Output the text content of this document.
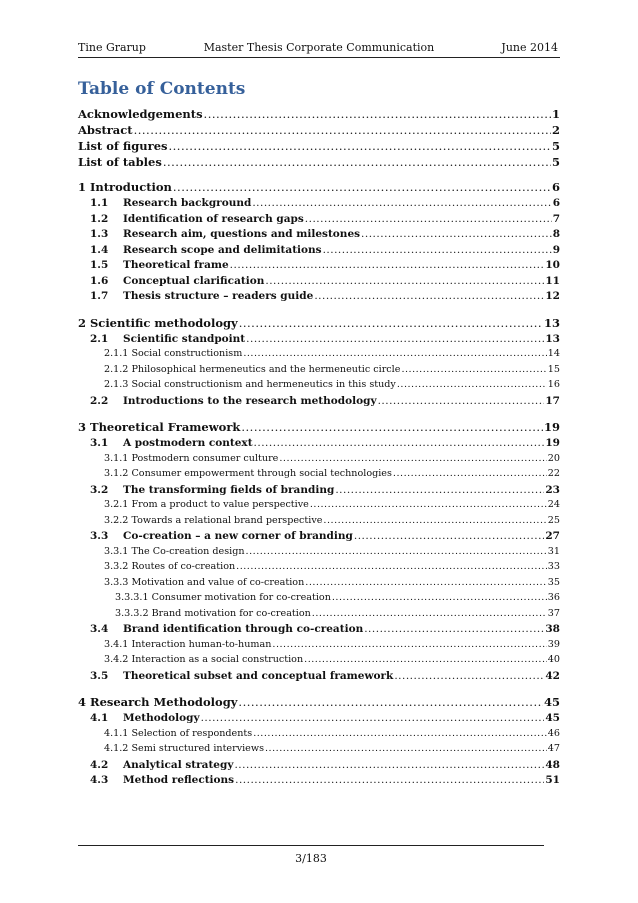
Tine Grarup	Master Thesis Corporate Communication	June 2014
Table of Contents
Acknowledgements .....	1
Abstract .....	2
List of figures .....	5
List of tables .....	5
1 Introduction .....	6
1.1 Research background .....	6
1.2 Identification of research gaps .....	7
1.3 Research aim, questions and milestones .....	8
1.4 Research scope and delimitations .....	9
1.5 Theoretical frame .....	10
1.6 Conceptual clarification .....	11
1.7 Thesis structure – readers guide .....	12
2 Scientific methodology .....	13
2.1 Scientific standpoint .....	13
2.1.1 Social constructionism .....	14
2.1.2 Philosophical hermeneutics and the hermeneutic circle .....	15
2.1.3 Social constructionism and hermeneutics in this study .....	16
2.2 Introductions to the research methodology .....	17
3 Theoretical Framework .....	19
3.1 A postmodern context .....	19
3.1.1 Postmodern consumer culture .....	20
3.1.2 Consumer empowerment through social technologies .....	22
3.2 The transforming fields of branding .....	23
3.2.1 From a product to value perspective .....	24
3.2.2 Towards a relational brand perspective .....	25
3.3 Co-creation – a new corner of branding .....	27
3.3.1 The Co-creation design .....	31
3.3.2 Routes of co-creation .....	33
3.3.3 Motivation and value of co-creation .....	35
3.3.3.1 Consumer motivation for co-creation .....	36
3.3.3.2 Brand motivation for co-creation .....	37
3.4 Brand identification through co-creation .....	38
3.4.1 Interaction human-to-human .....	39
3.4.2 Interaction as a social construction .....	40
3.5 Theoretical subset and conceptual framework .....	42
4 Research Methodology .....	45
4.1 Methodology .....	45
4.1.1 Selection of respondents .....	46
4.1.2 Semi structured interviews .....	47
4.2 Analytical strategy .....	48
4.3 Method reflections .....	51
3/183
